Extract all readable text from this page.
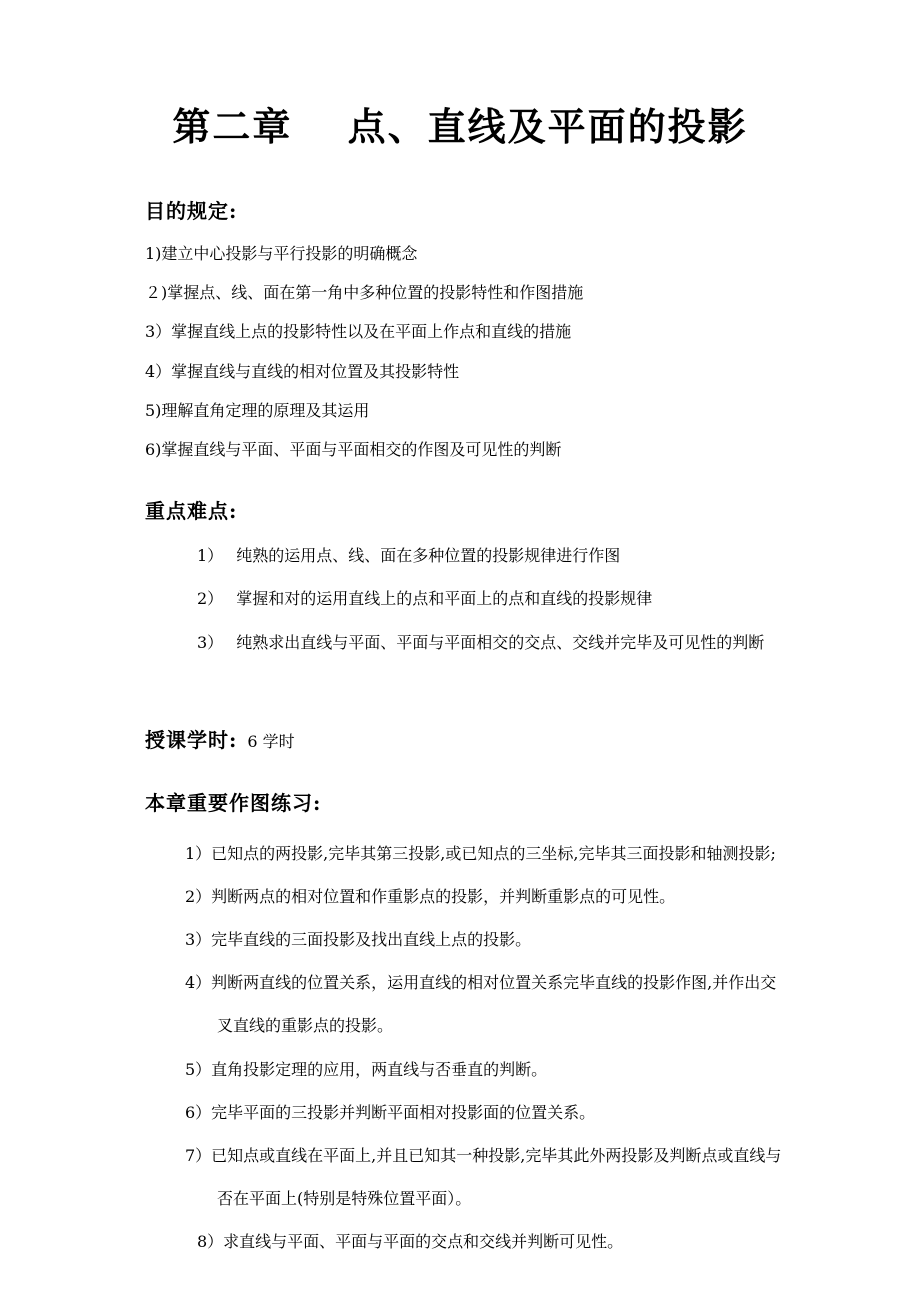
第二章　 点、直线及平面的投影
目的规定:

1)建立中心投影与平行投影的明确概念

２)掌握点、线、面在第一角中多种位置的投影特性和作图措施

3）掌握直线上点的投影特性以及在平面上作点和直线的措施

4）掌握直线与直线的相对位置及其投影特性

5)理解直角定理的原理及其运用

6)掌握直线与平面、平面与平面相交的作图及可见性的判断

重点难点:

1）　 纯熟的运用点、线、面在多种位置的投影规律进行作图

2）　 掌握和对的运用直线上的点和平面上的点和直线的投影规律

3）　 纯熟求出直线与平面、平面与平面相交的交点、交线并完毕及可见性的判断

授课学时: 6 学时
本章重要作图练习:

1）已知点的两投影,完毕其第三投影,或已知点的三坐标,完毕其三面投影和轴测投影;

2）判断两点的相对位置和作重影点的投影，并判断重影点的可见性。

3）完毕直线的三面投影及找出直线上点的投影。

4）判断两直线的位置关系，运用直线的相对位置关系完毕直线的投影作图,并作出交叉直线的重影点的投影。

5）直角投影定理的应用，两直线与否垂直的判断。

6）完毕平面的三投影并判断平面相对投影面的位置关系。

7）已知点或直线在平面上,并且已知其一种投影,完毕其此外两投影及判断点或直线与否在平面上(特别是特殊位置平面）。

8）求直线与平面、平面与平面的交点和交线并判断可见性。
